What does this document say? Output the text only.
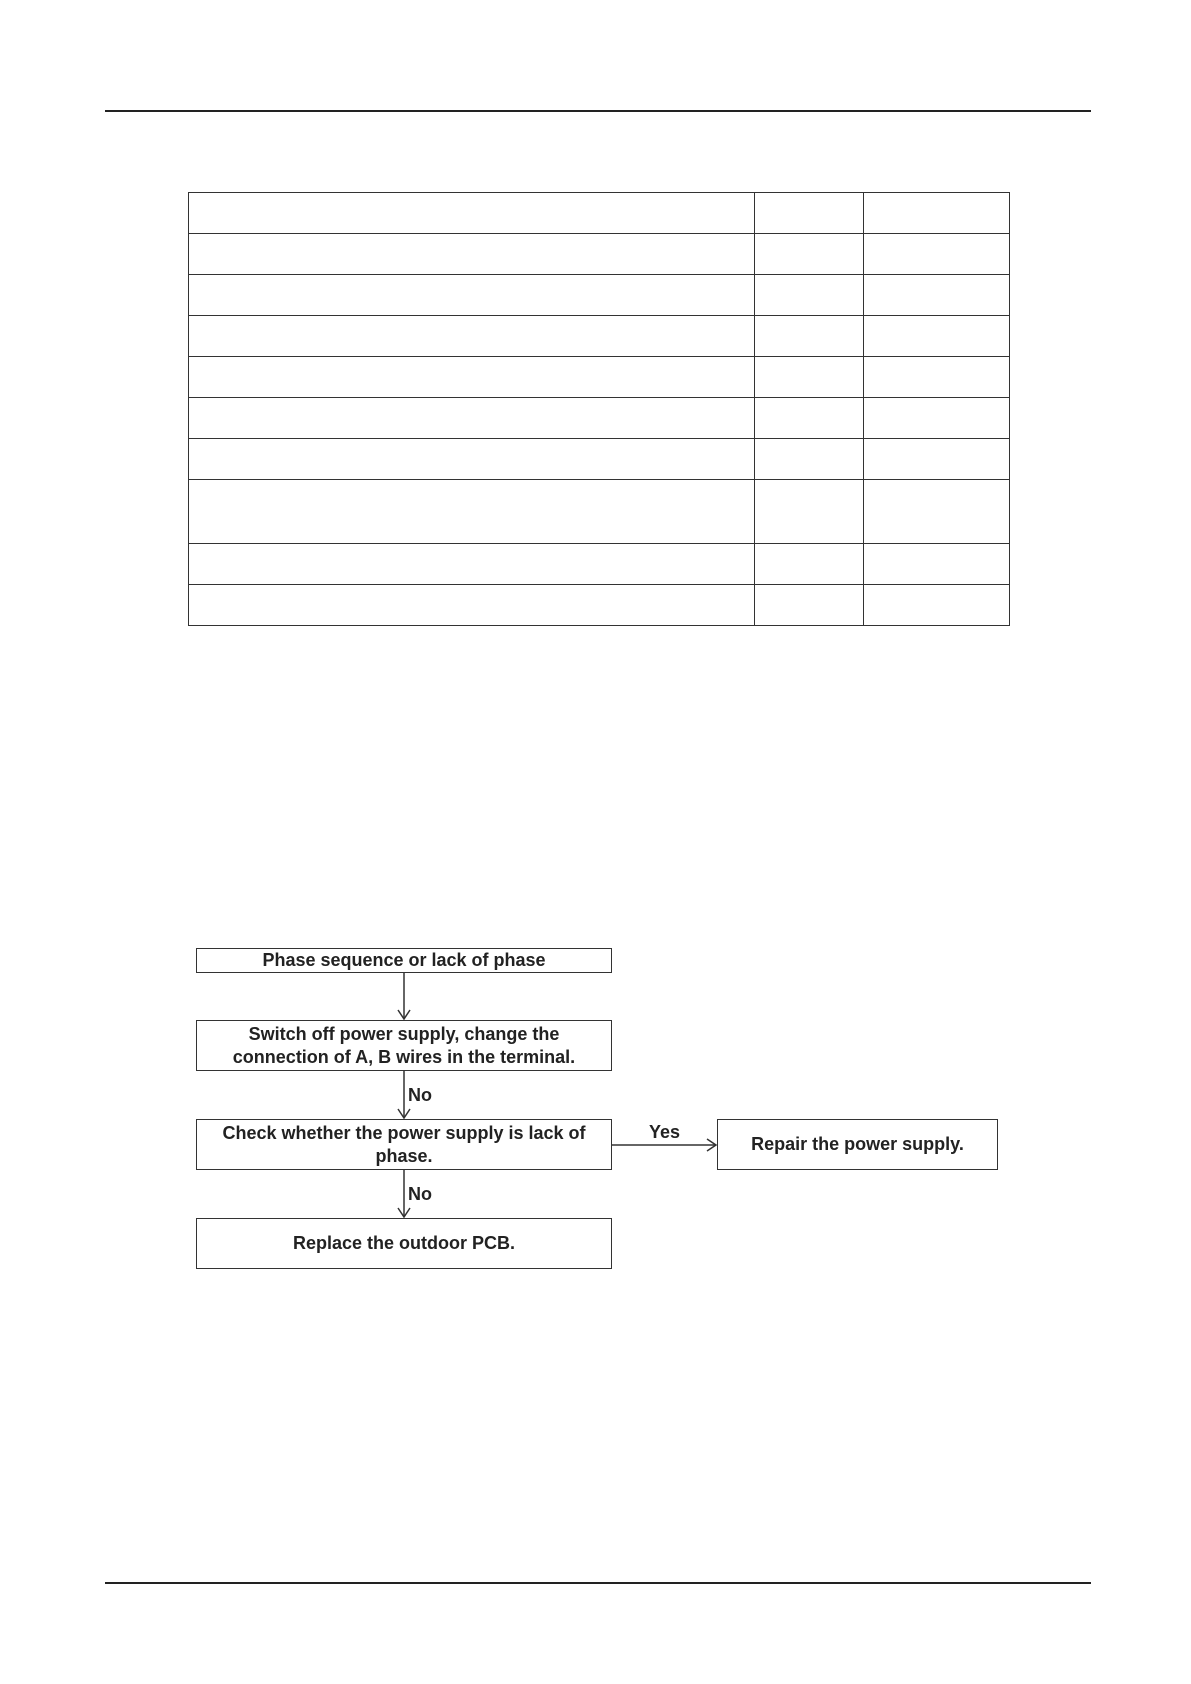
Phase sequence or lack of phase
Switch off power supply, change the connection of A, B wires in the terminal.
Check whether the power supply is lack of phase.
Repair the power supply.
Replace the outdoor PCB.
No
No
Yes
